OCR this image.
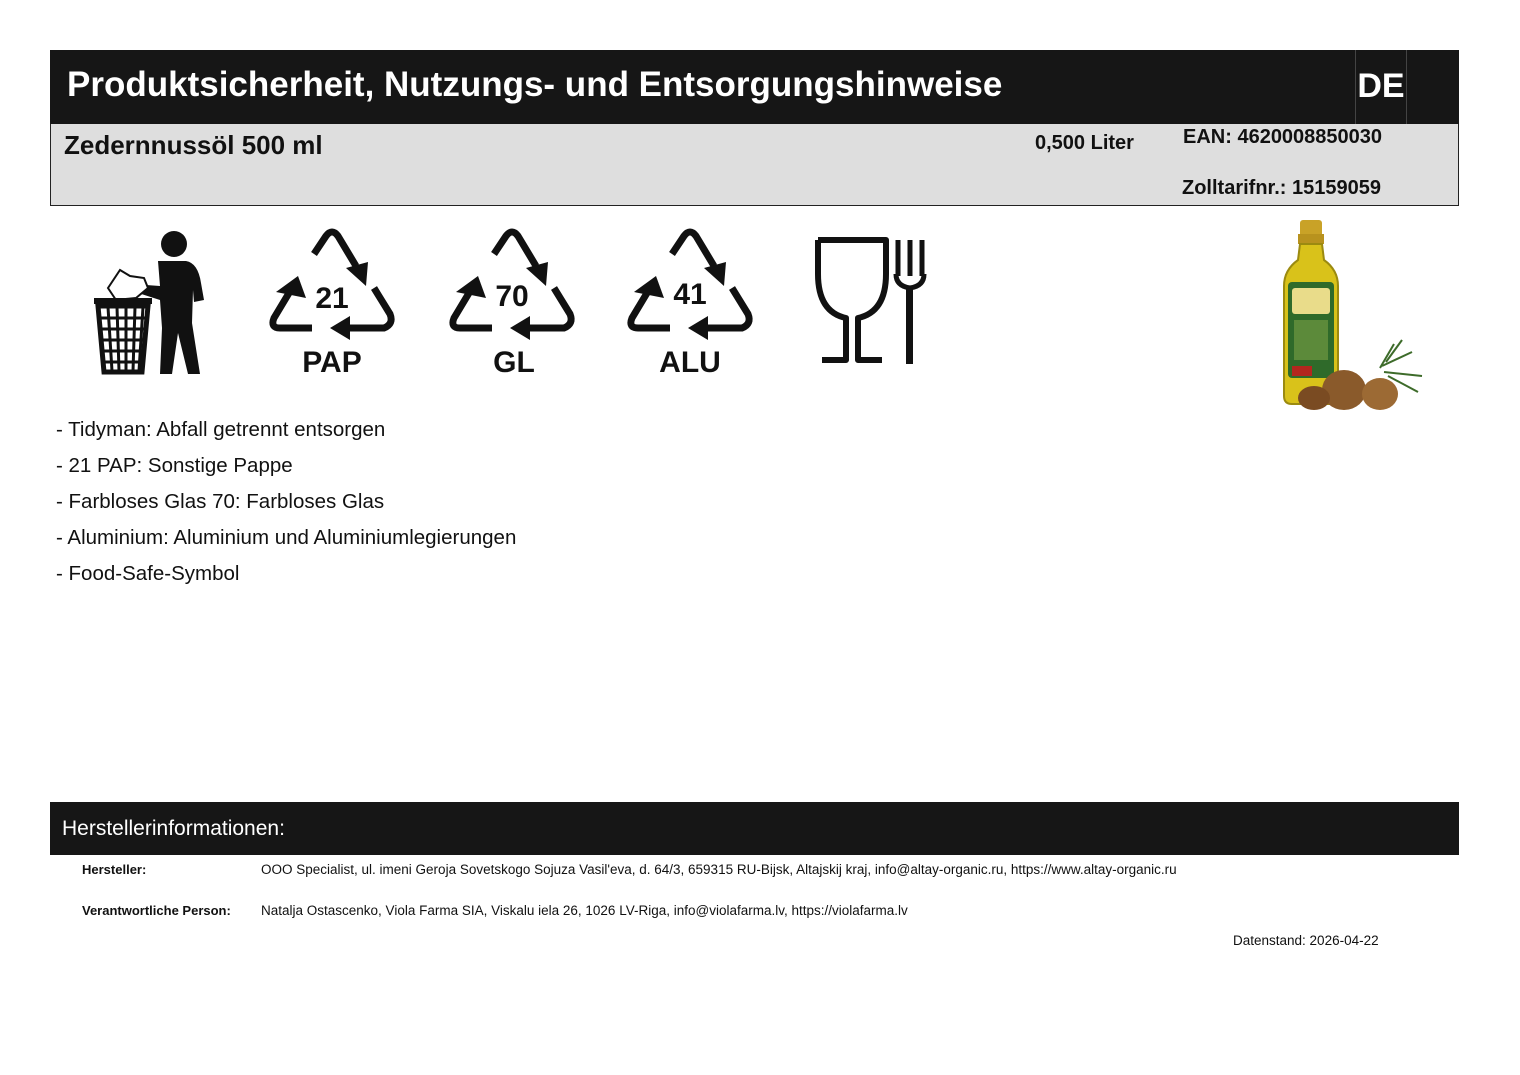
Produktsicherheit, Nutzungs- und Entsorgungshinweise	DE
Zedernnussöl 500 ml	0,500 Liter EAN: 4620008850030
Zolltarifnr.: 15159059
21
PAP
70
GL
41
ALU
- Tidyman: Abfall getrennt entsorgen
- 21 PAP: Sonstige Pappe
- Farbloses Glas 70: Farbloses Glas
- Aluminium: Aluminium und Aluminiumlegierungen
- Food-Safe-Symbol
Herstellerinformationen:
Hersteller:	OOO Specialist, ul. imeni Geroja Sovetskogo Sojuza Vasil'eva, d. 64/3, 659315 RU-Bijsk, Altajskij kraj, info@altay-organic.ru, https://www.altay-organic.ru
Verantwortliche Person: Natalja Ostascenko, Viola Farma SIA, Viskalu iela 26, 1026 LV-Riga, info@violafarma.lv, https://violafarma.lv
Datenstand: 2026-04-22
